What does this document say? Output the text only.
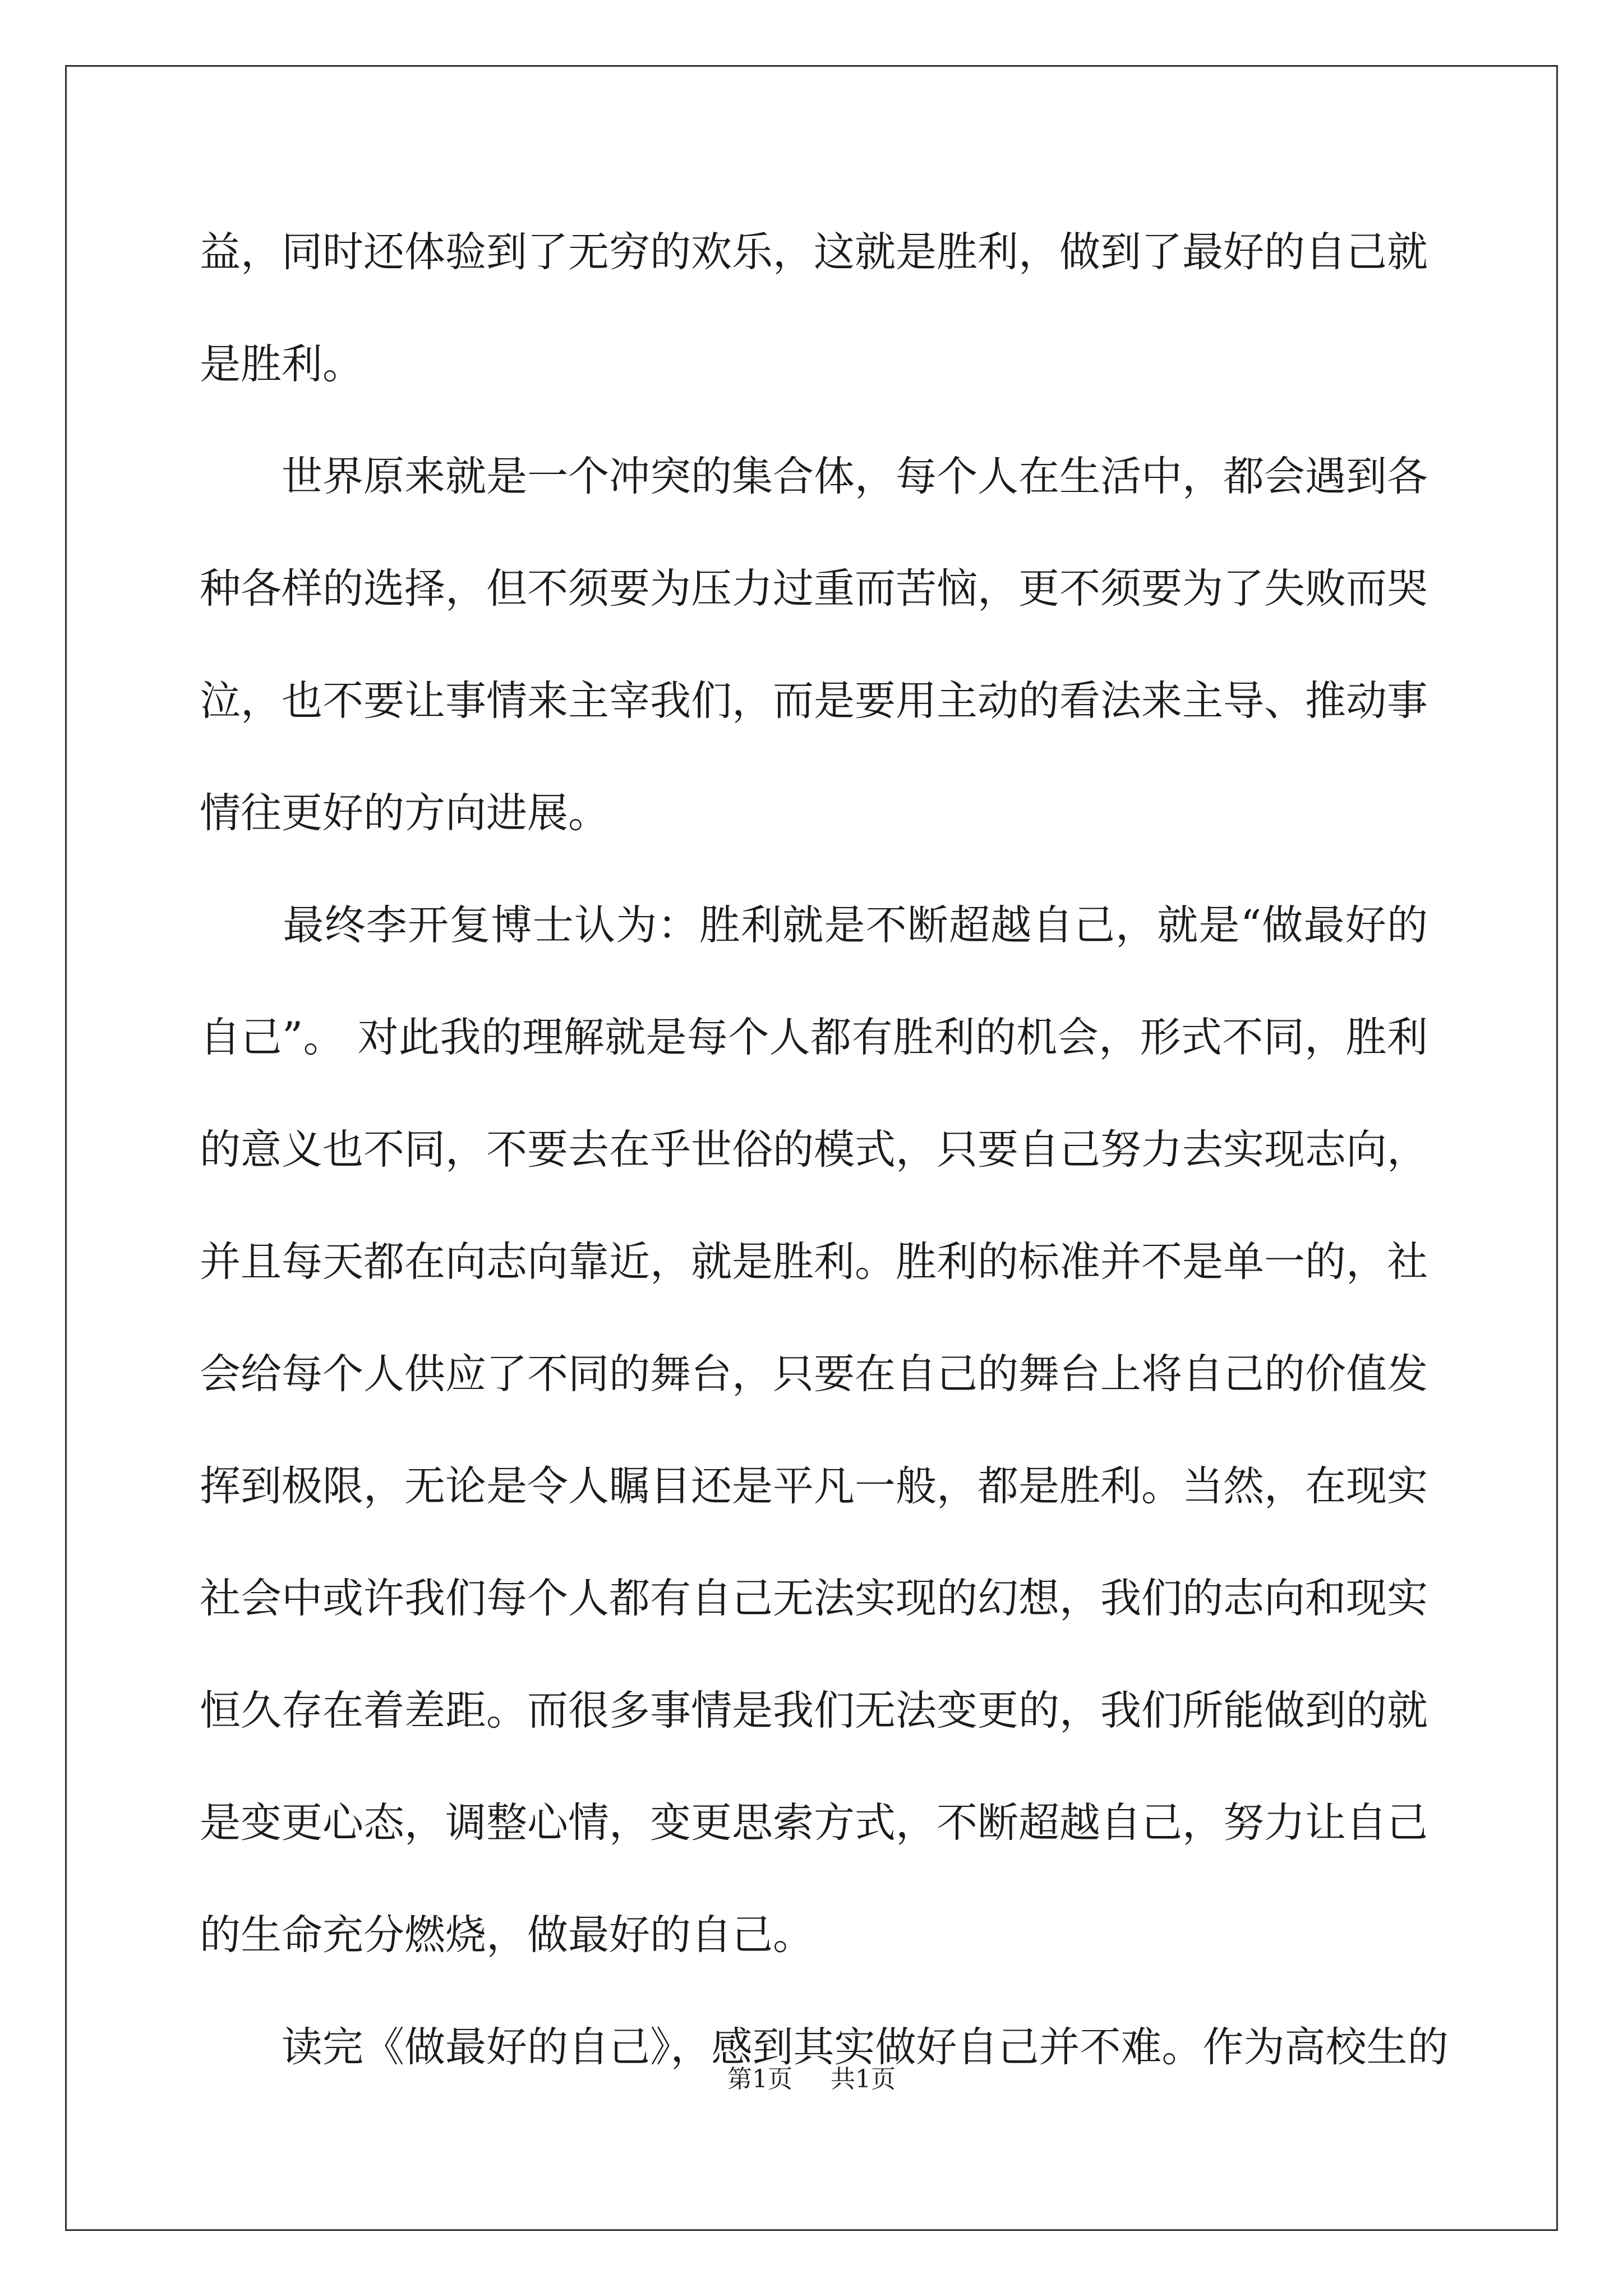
益，同时还体验到了无穷的欢乐，这就是胜利，做到了最好的自己就
是胜利。
　　世界原来就是一个冲突的集合体，每个人在生活中，都会遇到各
种各样的选择，但不须要为压力过重而苦恼，更不须要为了失败而哭
泣，也不要让事情来主宰我们，而是要用主动的看法来主导、推动事
情往更好的方向进展。
　　最终李开复博士认为：胜利就是不断超越自己，就是“做最好的
自己”。 对此我的理解就是每个人都有胜利的机会，形式不同，胜利
的意义也不同，不要去在乎世俗的模式，只要自己努力去实现志向，
并且每天都在向志向靠近，就是胜利。胜利的标准并不是单一的，社
会给每个人供应了不同的舞台，只要在自己的舞台上将自己的价值发
挥到极限，无论是令人瞩目还是平凡一般，都是胜利。当然，在现实
社会中或许我们每个人都有自己无法实现的幻想，我们的志向和现实
恒久存在着差距。而很多事情是我们无法变更的，我们所能做到的就
是变更心态，调整心情，变更思索方式，不断超越自己，努力让自己
的生命充分燃烧，做最好的自己。
　　读完《做最好的自己》，感到其实做好自己并不难。作为高校生的
第1页 共1页
